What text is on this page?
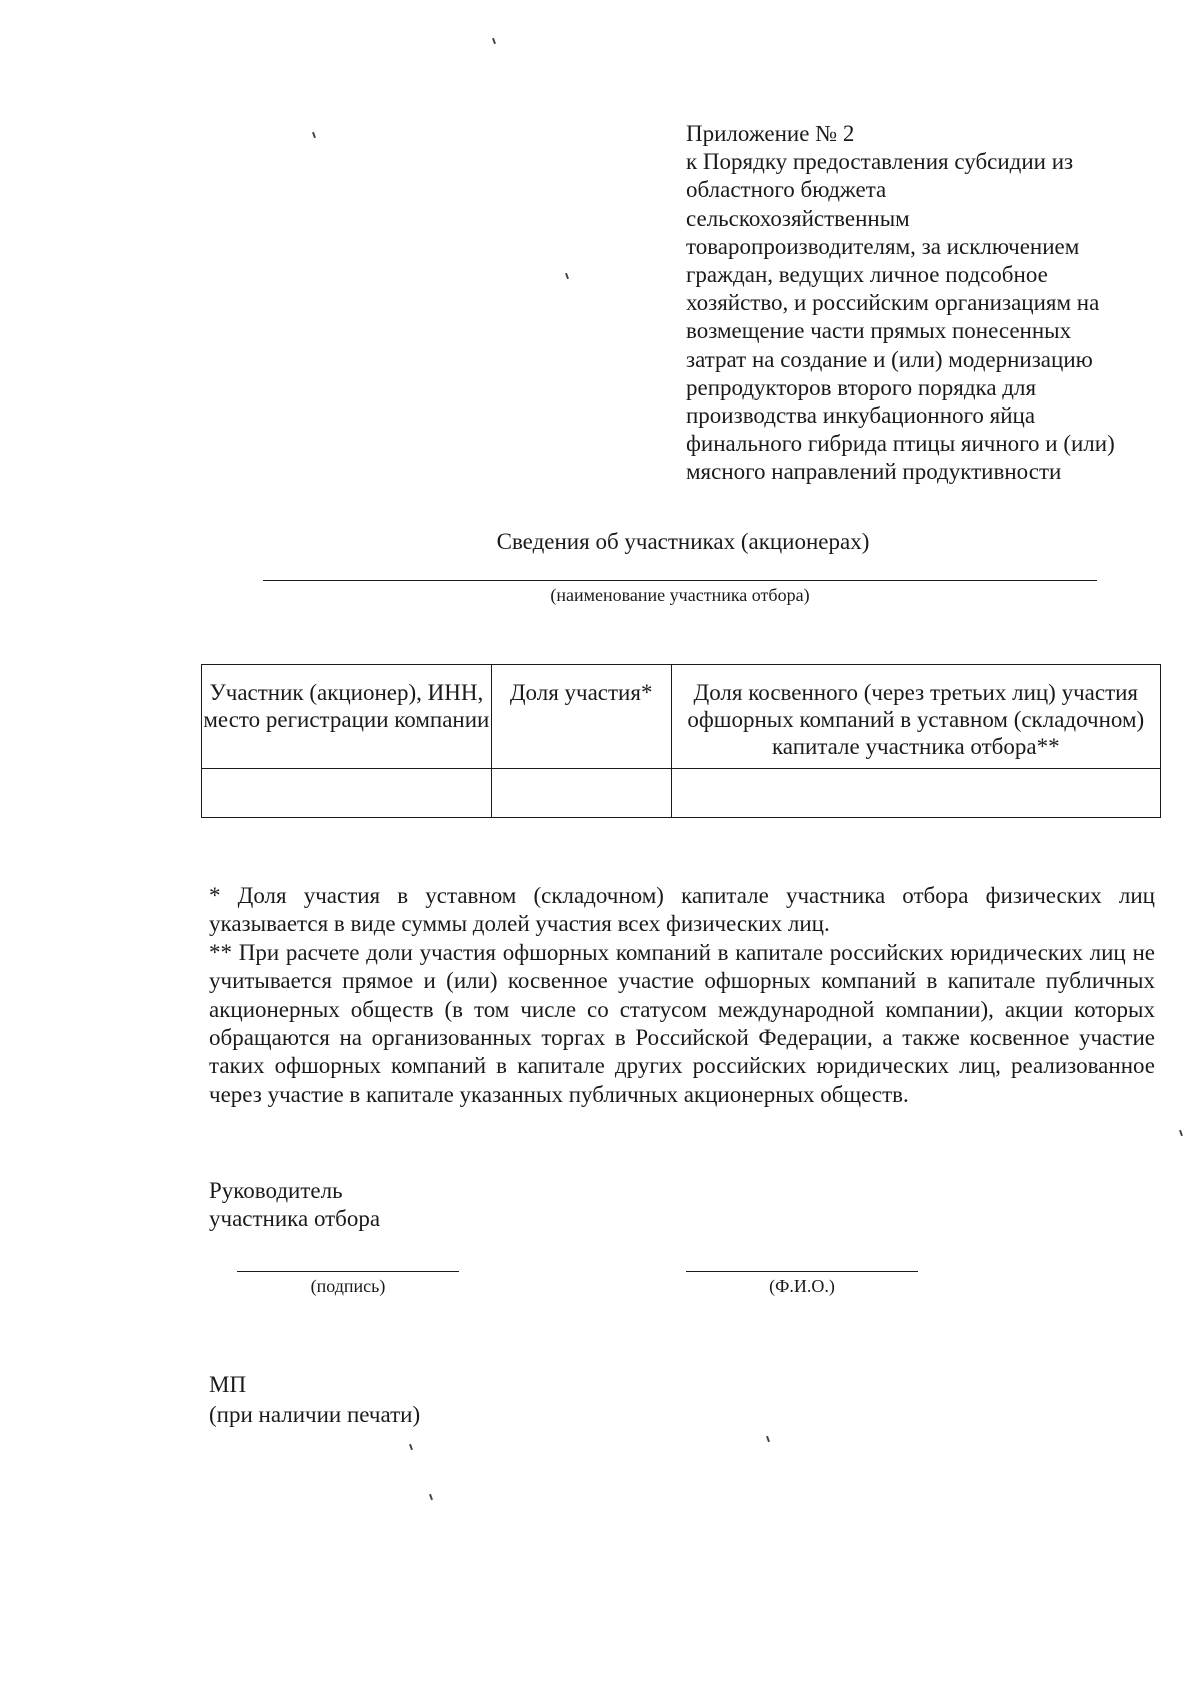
Приложение № 2
к Порядку предоставления субсидии из
областного бюджета
сельскохозяйственным
товаропроизводителям, за исключением
граждан, ведущих личное подсобное
хозяйство, и российским организациям на
возмещение части прямых понесенных
затрат на создание и (или) модернизацию
репродукторов второго порядка для
производства инкубационного яйца
финального гибрида птицы яичного и (или)
мясного направлений продуктивности
Сведения об участниках (акционерах)
(наименование участника отбора)
Участник (акционер), ИНН, место регистрации компании	Доля участия*	Доля косвенного (через третьих лиц) участия офшорных компаний в уставном (складочном) капитале участника отбора**

* Доля участия в уставном (складочном) капитале участника отбора физических лиц указывается в виде суммы долей участия всех физических лиц.

** При расчете доли участия офшорных компаний в капитале российских юридических лиц не учитывается прямое и (или) косвенное участие офшорных компаний в капитале публичных акционерных обществ (в том числе со статусом международной компании), акции которых обращаются на организованных торгах в Российской Федерации, а также косвенное участие таких офшорных компаний в капитале других российских юридических лиц, реализованное через участие в капитале указанных публичных акционерных обществ.

Руководитель
участника отбора
(подпись)	(Ф.И.О.)
МП
(при наличии печати)
